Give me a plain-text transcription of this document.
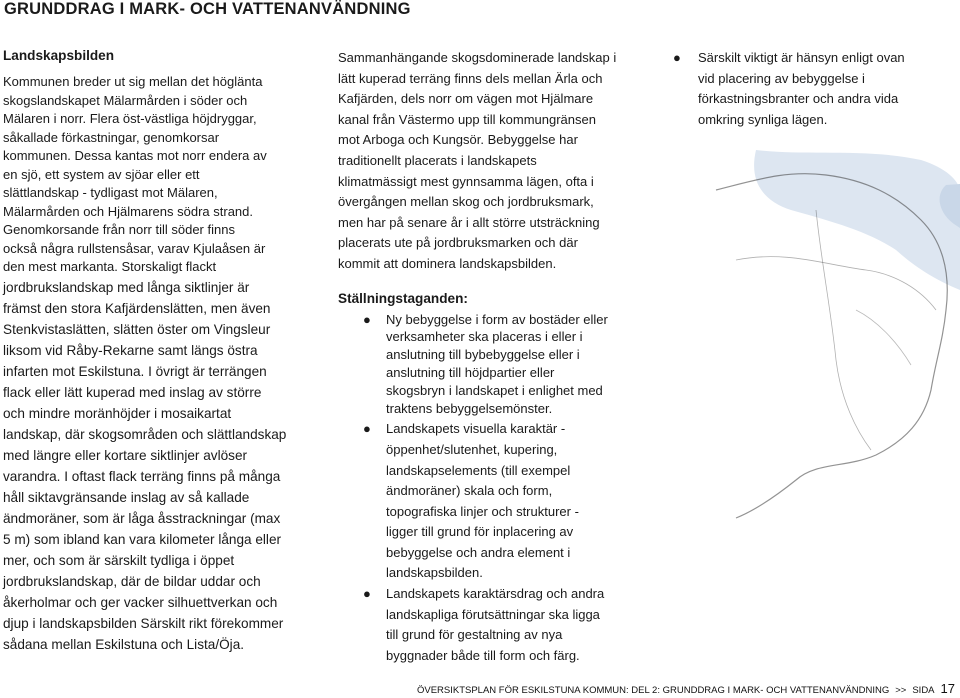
GRUNDDRAG I MARK- OCH VATTENANVÄNDNING

Landskapsbilden

Kommunen breder ut sig mellan det höglänta
skogslandskapet Mälarmården i söder och
Mälaren i norr. Flera öst-västliga höjdryggar,
såkallade förkastningar, genomkorsar
kommunen. Dessa kantas mot norr endera av
en sjö, ett system av sjöar eller ett
slättlandskap - tydligast mot Mälaren,
Mälarmården och Hjälmarens södra strand.
Genomkorsande från norr till söder finns
också några rullstensåsar, varav Kjulaåsen är
den mest markanta. Storskaligt flackt

jordbrukslandskap med långa siktlinjer är
främst den stora Kafjärdenslätten, men även
Stenkvistaslätten, slätten öster om Vingsleur
liksom vid Råby-Rekarne samt längs östra
infarten mot Eskilstuna. I övrigt är terrängen
flack eller lätt kuperad med inslag av större
och mindre moränhöjder i mosaikartat
landskap, där skogsområden och slättlandskap
med längre eller kortare siktlinjer avlöser
varandra. I oftast flack terräng finns på många
håll siktavgränsande inslag av så kallade
ändmoräner, som är låga åsstrackningar (max
5 m) som ibland kan vara kilometer långa eller
mer, och som är särskilt tydliga i öppet
jordbrukslandskap, där de bildar uddar och
åkerholmar och ger vacker silhuettverkan och
djup i landskapsbilden Särskilt rikt förekommer
sådana mellan Eskilstuna och Lista/Öja.

Sammanhängande skogsdominerade landskap i
lätt kuperad terräng finns dels mellan Ärla och
Kafjärden, dels norr om vägen mot Hjälmare
kanal från Västermo upp till kommungränsen
mot Arboga och Kungsör. Bebyggelse har
traditionellt placerats i landskapets
klimatmässigt mest gynnsamma lägen, ofta i
övergången mellan skog och jordbruksmark,
men har på senare år i allt större utsträckning
placerats ute på jordbruksmarken och där
kommit att dominera landskapsbilden.

Ställningstaganden:

● Ny bebyggelse i form av bostäder eller
verksamheter ska placeras i eller i
anslutning till bybebyggelse eller i
anslutning till höjdpartier eller
skogsbryn i landskapet i enlighet med
traktens bebyggelsemönster.
● Landskapets visuella karaktär -
öppenhet/slutenhet, kupering,
landskapselements (till exempel
ändmoräner) skala och form,
topografiska linjer och strukturer -
ligger till grund för inplacering av
bebyggelse och andra element i
landskapsbilden.
● Landskapets karaktärsdrag och andra
landskapliga förutsättningar ska ligga
till grund för gestaltning av nya
byggnader både till form och färg.
● Särskilt viktigt är hänsyn enligt ovan
vid placering av bebyggelse i
förkastningsbranter och andra vida
omkring synliga lägen.
ÖVERSIKTSPLAN FÖR ESKILSTUNA KOMMUN: DEL 2: GRUNDDRAG I MARK- OCH VATTENANVÄNDNING >> SIDA 17
